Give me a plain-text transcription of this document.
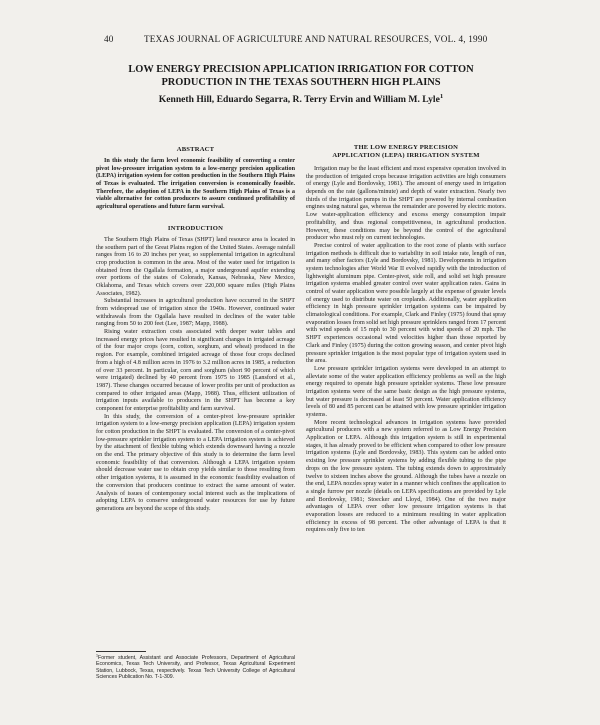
40	TEXAS JOURNAL OF AGRICULTURE AND NATURAL RESOURCES, VOL. 4, 1990
LOW ENERGY PRECISION APPLICATION IRRIGATION FOR COTTON
PRODUCTION IN THE TEXAS SOUTHERN HIGH PLAINS
Kenneth Hill, Eduardo Segarra, R. Terry Ervin and William M. Lyle$^1$
ABSTRACT

In this study the farm level economic feasibility of converting a center pivot low-pressure irrigation system to a low-energy precision application (LEPA) irrigation system for cotton production in the Southern High Plains of Texas is evaluated. The irrigation conversion is economically feasible. Therefore, the adoption of LEPA in the Southern High Plains of Texas is a viable alternative for cotton producers to assure continued profitability of agricultural operations and future farm survival.

INTRODUCTION

The Southern High Plains of Texas (SHPT) land resource area is located in the southern part of the Great Plains region of the United States. Average rainfall ranges from 16 to 20 inches per year, so supplemental irrigation in agricultural crop production is common in the area. Most of the water used for irrigation is obtained from the Ogallala formation, a major underground aquifer extending over portions of the states of Colorado, Kansas, Nebraska, New Mexico, Oklahoma, and Texas which covers over 220,000 square miles (High Plains Associates, 1982).

Substantial increases in agricultural production have occurred in the SHPT from widespread use of irrigation since the 1940s. However, continued water withdrawals from the Ogallala have resulted in declines of the water table ranging from 50 to 200 feet (Lee, 1987; Mapp, 1988).

Rising water extraction costs associated with deeper water tables and increased energy prices have resulted in significant changes in irrigated acreage of the four major crops (corn, cotton, sorghum, and wheat) produced in the region. For example, combined irrigated acreage of those four crops declined from a high of 4.8 million acres in 1976 to 3.2 million acres in 1985, a reduction of over 33 percent. In particular, corn and sorghum (short 90 percent of which were irrigated) declined by 40 percent from 1975 to 1985 (Lansford et al., 1987). These changes occurred because of lower profits per unit of production as compared to other irrigated areas (Mapp, 1988). Thus, efficient utilization of irrigation inputs available to producers in the SHPT has become a key component for enterprise profitability and farm survival.

In this study, the conversion of a center-pivot low-pressure sprinkler irrigation system to a low-energy precision application (LEPA) irrigation system for cotton production in the SHPT is evaluated. The conversion of a center-pivot low-pressure sprinkler irrigation system to a LEPA irrigation system is achieved by the attachment of flexible tubing which extends downward having a nozzle on the end. The primary objective of this study is to determine the farm level economic feasibility of that conversion. Although a LEPA irrigation system should decrease water use to obtain crop yields similar to those resulting from other irrigation systems, it is assumed in the economic feasibility evaluation of the conversion that producers continue to extract the same amount of water. Analysis of issues of contemporary social interest such as the implications of adopting LEPA to conserve underground water resources for use by future generations are beyond the scope of this study.

$^1$Former student, Assistant and Associate Professors, Department of Agricultural Economics, Texas Tech University, and Professor, Texas Agricultural Experiment Station, Lubbock, Texas, respectively. Texas Tech University College of Agricultural Sciences Publication No. T-1-309.
THE LOW ENERGY PRECISION
APPLICATION (LEPA) IRRIGATION SYSTEM

Irrigation may be the least efficient and most expensive operation involved in the production of irrigated crops because irrigation activities are high consumers of energy (Lyle and Bordovsky, 1981). The amount of energy used in irrigation depends on the rate (gallons/minute) and depth of water extraction. Nearly two thirds of the irrigation pumps in the SHPT are powered by internal combustion engines using natural gas, whereas the remainder are powered by electric motors. Low water-application efficiency and excess energy consumption impair profitability, and thus regional competitiveness, in agricultural production. However, these conditions may be beyond the control of the agricultural producer who must rely on current technologies.

Precise control of water application to the root zone of plants with surface irrigation methods is difficult due to variability in soil intake rate, length of run, and many other factors (Lyle and Bordovsky, 1981). Developments in irrigation system technologies after World War II evolved rapidly with the introduction of lightweight aluminum pipe. Center-pivot, side roll, and solid set high pressure irrigation systems enabled greater control over water application rates. Gains in control of water application were possible largely at the expense of greater levels of energy used to distribute water on croplands. Additionally, water application efficiency in high pressure sprinkler irrigation systems can be impaired by climatological conditions. For example, Clark and Finley (1975) found that spray evaporation losses from solid set high pressure sprinklers ranged from 17 percent with wind speeds of 15 mph to 30 percent with wind speeds of 20 mph. The SHPT experiences occasional wind velocities higher than those reported by Clark and Finley (1975) during the cotton growing season, and center pivot high pressure sprinkler irrigation is the most popular type of irrigation system used in the area.

Low pressure sprinkler irrigation systems were developed in an attempt to alleviate some of the water application efficiency problems as well as the high energy required to operate high pressure sprinkler systems. These low pressure irrigation systems were of the same basic design as the high pressure systems, but water pressure is decreased at least 50 percent. Water application efficiency levels of 80 and 85 percent can be attained with low pressure sprinkler irrigation systems.

More recent technological advances in irrigation systems have provided agricultural producers with a new system referred to as Low Energy Precision Application or LEPA. Although this irrigation system is still in experimental stages, it has already proved to be efficient when compared to other low pressure irrigation systems (Lyle and Bordovsky, 1983). This system can be added onto existing low pressure sprinkler systems by adding flexible tubing to the pipe drops on the low pressure system. The tubing extends down to approximately twelve to sixteen inches above the ground. Although the tubes have a nozzle on the end, LEPA nozzles spray water in a manner which confines the application to a single furrow per nozzle (details on LEPA specifications are provided by Lyle and Bordovsky, 1981; Stoecker and Lloyd, 1984). One of the two major advantages of LEPA over other low pressure irrigation systems is that evaporation losses are reduced to a minimum resulting in water application efficiency in excess of 98 percent. The other advantage of LEPA is that it requires only five to ten
